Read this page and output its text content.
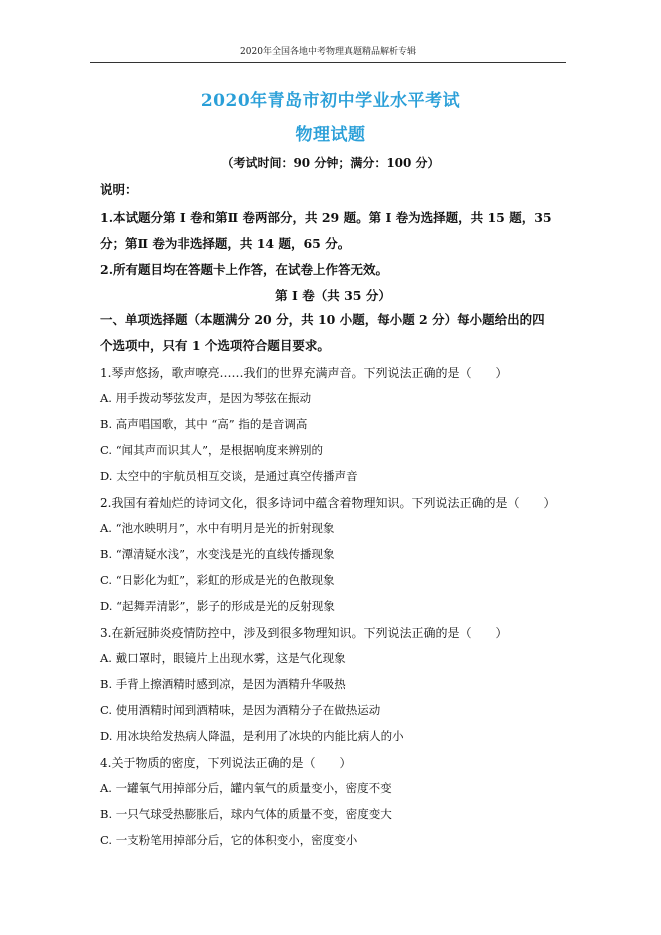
2020年全国各地中考物理真题精品解析专辑
2020年青岛市初中学业水平考试
物理试题
（考试时间：90 分钟；满分：100 分）
说明：
1.本试题分第 I 卷和第Ⅱ 卷两部分，共 29 题。第 I 卷为选择题，共 15 题，35
分；第Ⅱ 卷为非选择题，共 14 题，65 分。
2.所有题目均在答题卡上作答，在试卷上作答无效。
第 I 卷（共 35 分）
一、单项选择题（本题满分 20 分，共 10 小题，每小题 2 分）每小题给出的四
个选项中，只有 1 个选项符合题目要求。
1.琴声悠扬，歌声嘹亮……我们的世界充满声音。下列说法正确的是（　　）
A. 用手拨动琴弦发声，是因为琴弦在振动
B. 高声唱国歌，其中 “高” 指的是音调高
C. “闻其声而识其人”，是根据响度来辨别的
D. 太空中的宇航员相互交谈，是通过真空传播声音
2.我国有着灿烂的诗词文化，很多诗词中蕴含着物理知识。下列说法正确的是（　　）
A. “池水映明月”，水中有明月是光的折射现象
B. “潭清疑水浅”，水变浅是光的直线传播现象
C. “日影化为虹”，彩虹的形成是光的色散现象
D. “起舞弄清影”，影子的形成是光的反射现象
3.在新冠肺炎疫情防控中，涉及到很多物理知识。下列说法正确的是（　　）
A. 戴口罩时，眼镜片上出现水雾，这是气化现象
B. 手背上擦酒精时感到凉，是因为酒精升华吸热
C. 使用酒精时闻到酒精味，是因为酒精分子在做热运动
D. 用冰块给发热病人降温，是利用了冰块的内能比病人的小
4.关于物质的密度，下列说法正确的是（　　）
A. 一罐氧气用掉部分后，罐内氧气的质量变小，密度不变
B. 一只气球受热膨胀后，球内气体的质量不变，密度变大
C. 一支粉笔用掉部分后，它的体积变小，密度变小
